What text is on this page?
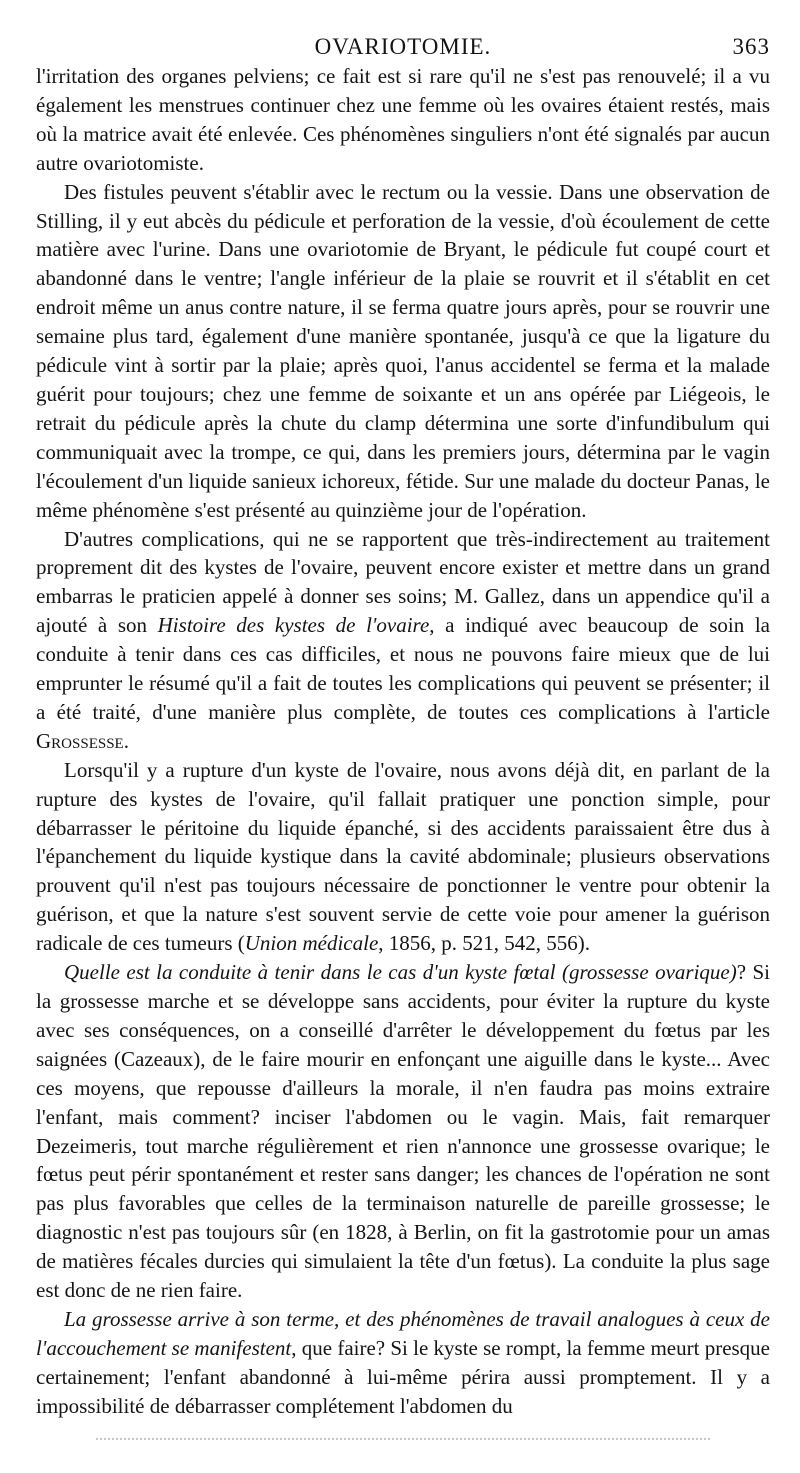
OVARIOTOMIE.	363

l'irritation des organes pelviens; ce fait est si rare qu'il ne s'est pas renouvelé; il a vu également les menstrues continuer chez une femme où les ovaires étaient restés, mais où la matrice avait été enlevée. Ces phénomènes singuliers n'ont été signalés par aucun autre ovariotomiste.

Des fistules peuvent s'établir avec le rectum ou la vessie. Dans une observation de Stilling, il y eut abcès du pédicule et perforation de la vessie, d'où écoulement de cette matière avec l'urine. Dans une ovariotomie de Bryant, le pédicule fut coupé court et abandonné dans le ventre; l'angle inférieur de la plaie se rouvrit et il s'établit en cet endroit même un anus contre nature, il se ferma quatre jours après, pour se rouvrir une semaine plus tard, également d'une manière spontanée, jusqu'à ce que la ligature du pédicule vint à sortir par la plaie; après quoi, l'anus accidentel se ferma et la malade guérit pour toujours; chez une femme de soixante et un ans opérée par Liégeois, le retrait du pédicule après la chute du clamp détermina une sorte d'infundibulum qui communiquait avec la trompe, ce qui, dans les premiers jours, détermina par le vagin l'écoulement d'un liquide sanieux ichoreux, fétide. Sur une malade du docteur Panas, le même phénomène s'est présenté au quinzième jour de l'opération.

D'autres complications, qui ne se rapportent que très-indirectement au traitement proprement dit des kystes de l'ovaire, peuvent encore exister et mettre dans un grand embarras le praticien appelé à donner ses soins; M. Gallez, dans un appendice qu'il a ajouté à son Histoire des kystes de l'ovaire, a indiqué avec beaucoup de soin la conduite à tenir dans ces cas difficiles, et nous ne pouvons faire mieux que de lui emprunter le résumé qu'il a fait de toutes les complications qui peuvent se présenter; il a été traité, d'une manière plus complète, de toutes ces complications à l'article Grossesse.

Lorsqu'il y a rupture d'un kyste de l'ovaire, nous avons déjà dit, en parlant de la rupture des kystes de l'ovaire, qu'il fallait pratiquer une ponction simple, pour débarrasser le péritoine du liquide épanché, si des accidents paraissaient être dus à l'épanchement du liquide kystique dans la cavité abdominale; plusieurs observations prouvent qu'il n'est pas toujours nécessaire de ponctionner le ventre pour obtenir la guérison, et que la nature s'est souvent servie de cette voie pour amener la guérison radicale de ces tumeurs (Union médicale, 1856, p. 521, 542, 556).

Quelle est la conduite à tenir dans le cas d'un kyste fœtal (grossesse ovarique)? Si la grossesse marche et se développe sans accidents, pour éviter la rupture du kyste avec ses conséquences, on a conseillé d'arrêter le développement du fœtus par les saignées (Cazeaux), de le faire mourir en enfonçant une aiguille dans le kyste... Avec ces moyens, que repousse d'ailleurs la morale, il n'en faudra pas moins extraire l'enfant, mais comment? inciser l'abdomen ou le vagin. Mais, fait remarquer Dezeimeris, tout marche régulièrement et rien n'annonce une grossesse ovarique; le fœtus peut périr spontanément et rester sans danger; les chances de l'opération ne sont pas plus favorables que celles de la terminaison naturelle de pareille grossesse; le diagnostic n'est pas toujours sûr (en 1828, à Berlin, on fit la gastrotomie pour un amas de matières fécales durcies qui simulaient la tête d'un fœtus). La conduite la plus sage est donc de ne rien faire.

La grossesse arrive à son terme, et des phénomènes de travail analogues à ceux de l'accouchement se manifestent, que faire? Si le kyste se rompt, la femme meurt presque certainement; l'enfant abandonné à lui-même périra aussi promptement. Il y a impossibilité de débarrasser complétement l'abdomen du
